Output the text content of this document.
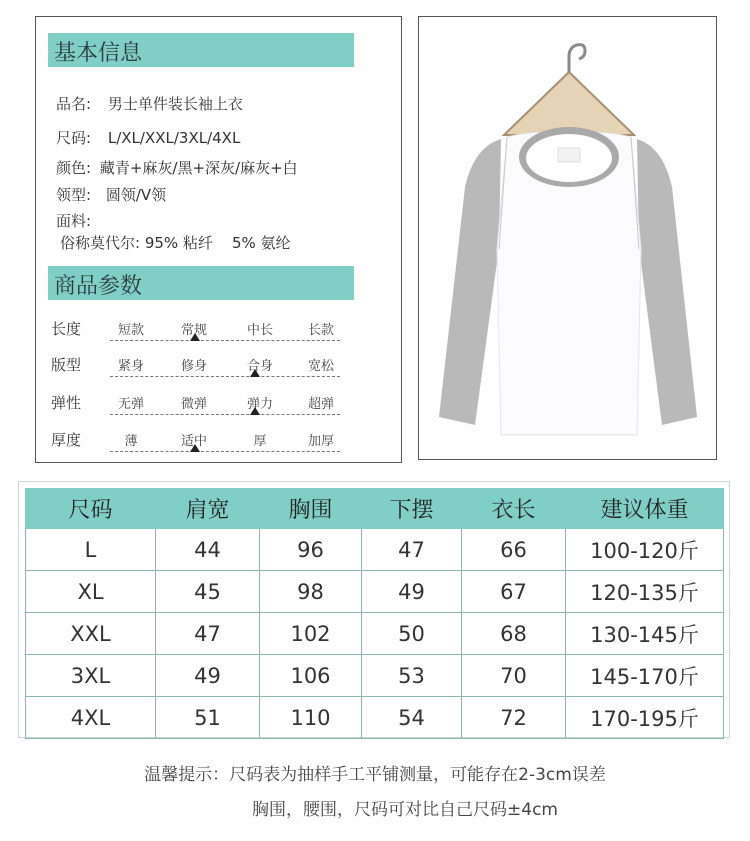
基本信息
品名: 男士单件装长袖上衣
尺码: L/XL/XXL/3XL/4XL
颜色: 藏青+麻灰/黑+深灰/麻灰+白
领型: 圆领/V领
面料:
俗称莫代尔: 95% 粘纤    5% 氨纶
商品参数
长度	短款	常规	中长	长款
版型	紧身	修身	合身	宽松
弹性	无弹	微弹	弹力	超弹
厚度	薄	适中	厚	加厚
尺码	肩宽	胸围	下摆	衣长	建议体重
L	44	96	47	66	100-120斤
XL	45	98	49	67	120-135斤
XXL	47	102	50	68	130-145斤
3XL	49	106	53	70	145-170斤
4XL	51	110	54	72	170-195斤
温馨提示：尺码表为抽样手工平铺测量，可能存在2-3cm误差
胸围，腰围，尺码可对比自己尺码±4cm
